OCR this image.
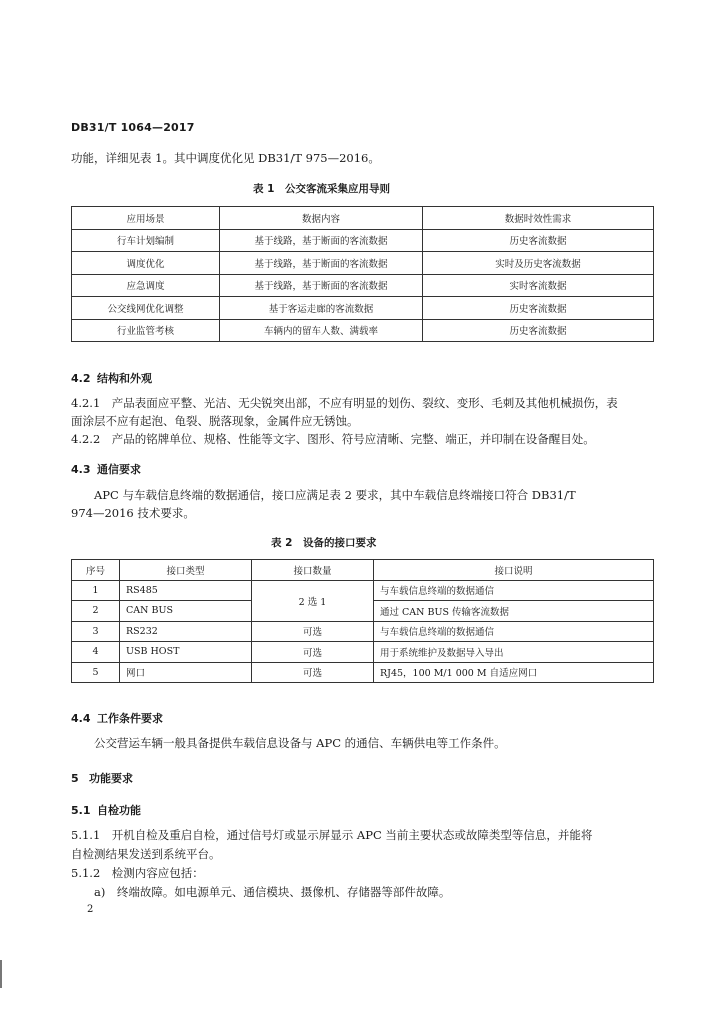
DB31/T 1064—2017
功能，详细见表 1。其中调度优化见 DB31/T 975—2016。
表 1　公交客流采集应用导则
应用场景	数据内容	数据时效性需求
行车计划编制	基于线路，基于断面的客流数据	历史客流数据
调度优化	基于线路，基于断面的客流数据	实时及历史客流数据
应急调度	基于线路，基于断面的客流数据	实时客流数据
公交线网优化调整	基于客运走廊的客流数据	历史客流数据
行业监管考核	车辆内的留车人数、满载率	历史客流数据
4.2 结构和外观
4.2.1　产品表面应平整、光洁、无尖锐突出部，不应有明显的划伤、裂纹、变形、毛刺及其他机械损伤，表
面涂层不应有起泡、龟裂、脱落现象，金属件应无锈蚀。
4.2.2　产品的铭牌单位、规格、性能等文字、图形、符号应清晰、完整、端正，并印制在设备醒目处。
4.3 通信要求
APC 与车载信息终端的数据通信，接口应满足表 2 要求，其中车载信息终端接口符合 DB31/T
974—2016 技术要求。
表 2　设备的接口要求
序号	接口类型	接口数量	接口说明
1	RS485	2 选 1	与车载信息终端的数据通信
2	CAN BUS		通过 CAN BUS 传输客流数据
3	RS232	可选	与车载信息终端的数据通信
4	USB HOST	可选	用于系统维护及数据导入导出
5	网口	可选	RJ45，100 M/1 000 M 自适应网口
4.4 工作条件要求
公交营运车辆一般具备提供车载信息设备与 APC 的通信、车辆供电等工作条件。
5 功能要求
5.1 自检功能
5.1.1　开机自检及重启自检，通过信号灯或显示屏显示 APC 当前主要状态或故障类型等信息，并能将
自检测结果发送到系统平台。
5.1.2　检测内容应包括：
a)　终端故障。如电源单元、通信模块、摄像机、存储器等部件故障。
2
